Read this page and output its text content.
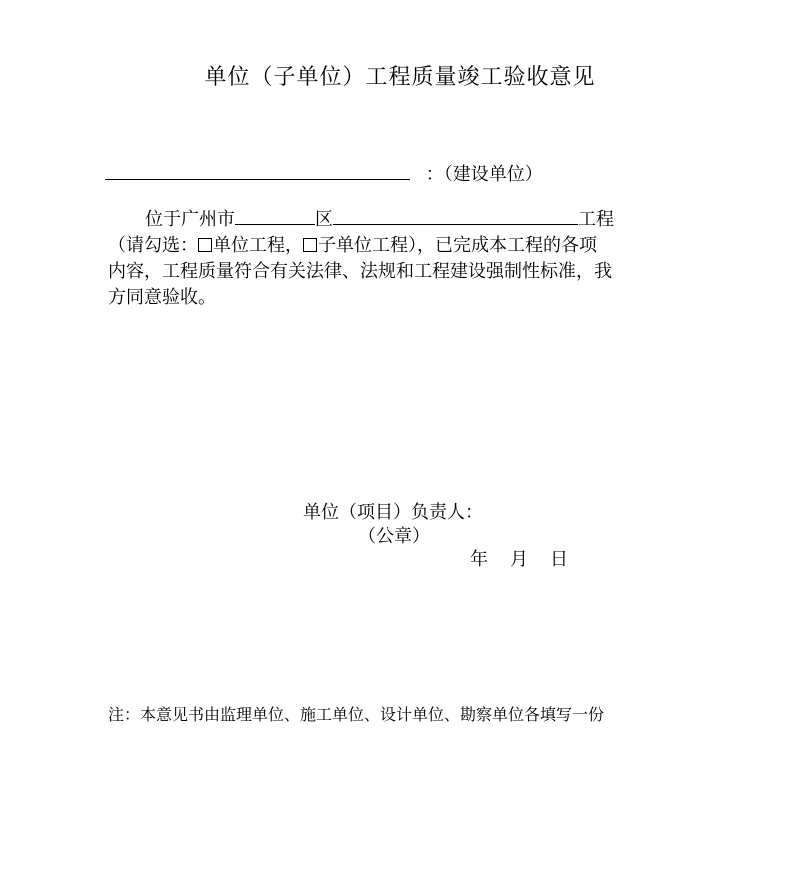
单位（子单位）工程质量竣工验收意见
：（建设单位）
位于广州市	区	工程
（请勾选： 单位工程， 子单位工程），已完成本工程的各项
内容，工程质量符合有关法律、法规和工程建设强制性标准，我
方同意验收。
单位（项目）负责人：
（公章）
年 月 日
注：本意见书由监理单位、施工单位、设计单位、勘察单位各填写一份
